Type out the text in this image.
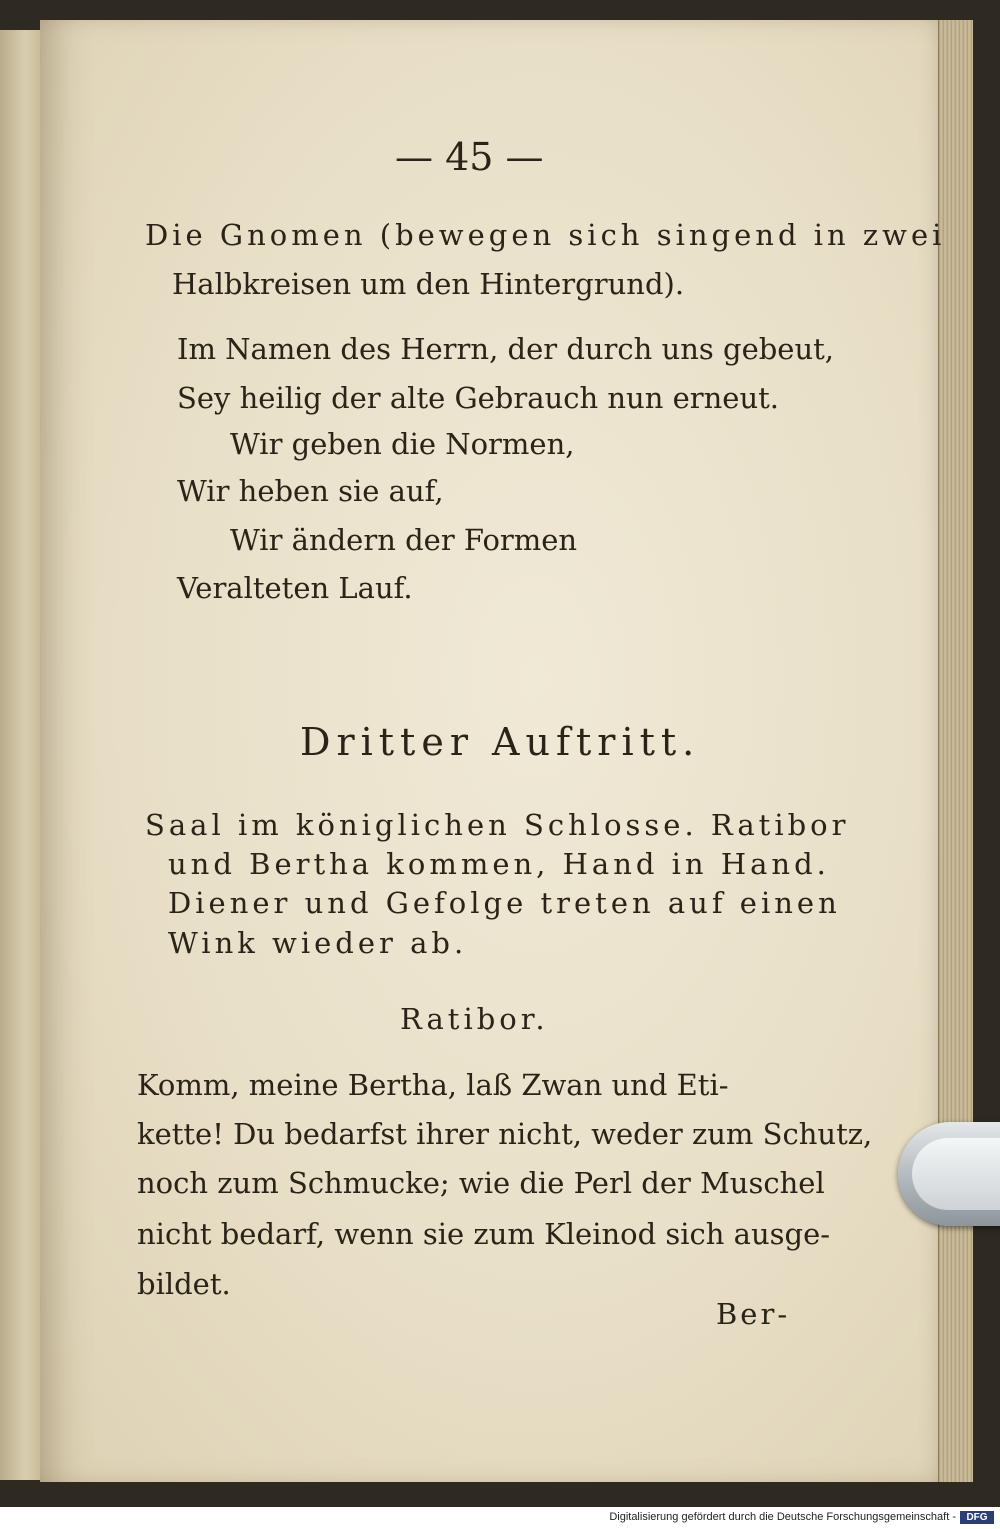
— 45 —
Die Gnomen (bewegen sich singend in zwei
Halbkreisen um den Hintergrund).
Im Namen des Herrn, der durch uns gebeut,
Sey heilig der alte Gebrauch nun erneut.
Wir geben die Normen,
Wir heben sie auf,
Wir ändern der Formen
Veralteten Lauf.
Dritter Auftritt.
Saal im königlichen Schlosse. Ratibor
und Bertha kommen, Hand in Hand.
Diener und Gefolge treten auf einen
Wink wieder ab.
Ratibor.
Komm, meine Bertha, laß Zwan und Eti-
kette! Du bedarfst ihrer nicht, weder zum Schutz,
noch zum Schmucke; wie die Perl der Muschel
nicht bedarf, wenn sie zum Kleinod sich ausge-
bildet.
Ber-
Digitalisierung gefördert durch die Deutsche Forschungsgemeinschaft -	DFG
